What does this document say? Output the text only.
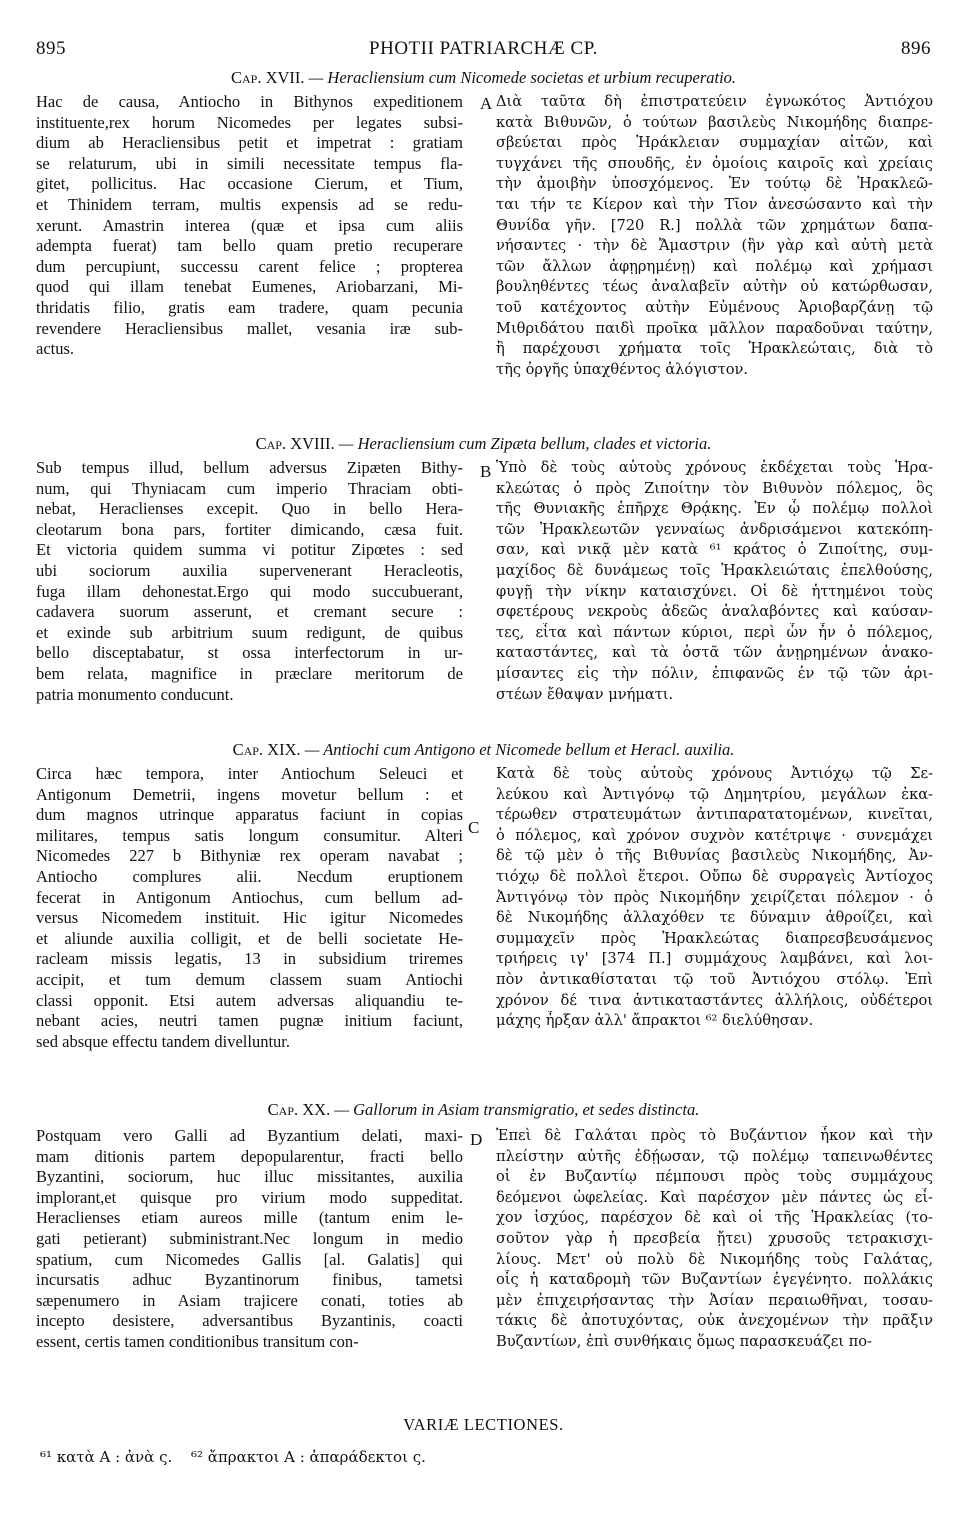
895	PHOTII PATRIARCHÆ CP.	896
Cap. XVII. — Heracliensium cum Nicomede societas et urbium recuperatio.
A
Hac de causa, Antiocho in Bithynos expeditionem
instituente,rex horum Nicomedes per legates subsi-
dium ab Heracliensibus petit et impetrat : gratiam
se relaturum, ubi in simili necessitate tempus fla-
gitet, pollicitus. Hac occasione Cierum, et Tium,
et Thinidem terram, multis expensis ad se redu-
xerunt. Amastrin interea (quæ et ipsa cum aliis
adempta fuerat) tam bello quam pretio recuperare
dum percupiunt, successu carent felice ; propterea
quod qui illam tenebat Eumenes, Ariobarzani, Mi-
thridatis filio, gratis eam tradere, quam pecunia
revendere Heracliensibus mallet, vesania iræ sub-
actus.
Διὰ ταῦτα δὴ ἐπιστρατεύειν ἐγνωκότος Ἀντιόχου
κατὰ Βιθυνῶν, ὁ τούτων βασιλεὺς Νικομήδης διαπρε-
σβεύεται πρὸς Ἡράκλειαν συμμαχίαν αἰτῶν, καὶ
τυγχάνει τῆς σπουδῆς, ἐν ὁμοίοις καιροῖς καὶ χρείαις
τὴν ἀμοιβὴν ὑποσχόμενος. Ἐν τούτῳ δὲ Ἡρακλεῶ-
ται τήν τε Κίερον καὶ τὴν Τῖον ἀνεσώσαντο καὶ τὴν
Θυνίδα γῆν. [720 R.] πολλὰ τῶν χρημάτων δαπα-
νήσαντες · τὴν δὲ Ἄμαστριν (ἣν γὰρ καὶ αὐτὴ μετὰ
τῶν ἄλλων ἀφῃρημένῃ) καὶ πολέμῳ καὶ χρήμασι
βουληθέντες τέως ἀναλαβεῖν αὐτὴν οὐ κατώρθωσαν,
τοῦ κατέχοντος αὐτὴν Εὐμένους Ἀριοβαρζάνῃ τῷ
Μιθριδάτου παιδὶ προῖκα μᾶλλον παραδοῦναι ταύτην,
ἢ παρέχουσι χρήματα τοῖς Ἡρακλεώταις, διὰ τὸ
τῆς ὀργῆς ὑπαχθέντος ἀλόγιστον.
Cap. XVIII. — Heracliensium cum Zipæta bellum, clades et victoria.
B
Sub tempus illud, bellum adversus Zipæten Bithy-
num, qui Thyniacam cum imperio Thraciam obti-
nebat, Heraclienses excepit. Quo in bello Hera-
cleotarum bona pars, fortiter dimicando, cæsa fuit.
Et victoria quidem summa vi potitur Zipœtes : sed
ubi sociorum auxilia supervenerant Heracleotis,
fuga illam dehonestat.Ergo qui modo succubuerant,
cadavera suorum asserunt, et cremant secure :
et exinde sub arbitrium suum redigunt, de quibus
bello disceptabatur, st ossa interfectorum in ur-
bem relata, magnifice in præclare meritorum de
patria monumento conducunt.
Ὑπὸ δὲ τοὺς αὐτοὺς χρόνους ἐκδέχεται τοὺς Ἡρα-
κλεώτας ὁ πρὸς Ζιποίτην τὸν Βιθυνὸν πόλεμος, ὃς
τῆς Θυνιακῆς ἐπῆρχε Θρᾴκης. Ἐν ᾧ πολέμῳ πολλοὶ
τῶν Ἡρακλεωτῶν γενναίως ἀνδρισάμενοι κατεκόπη-
σαν, καὶ νικᾷ μὲν κατὰ ⁶¹ κράτος ὁ Ζιποίτης, συμ-
μαχίδος δὲ δυνάμεως τοῖς Ἡρακλειώταις ἐπελθούσης,
φυγῇ τὴν νίκην καταισχύνει. Οἱ δὲ ἡττημένοι τοὺς
σφετέρους νεκροὺς ἀδεῶς ἀναλαβόντες καὶ καύσαν-
τες, εἶτα καὶ πάντων κύριοι, περὶ ὧν ἦν ὁ πόλεμος,
καταστάντες, καὶ τὰ ὀστᾶ τῶν ἀνῃρημένων ἀνακο-
μίσαντες εἰς τὴν πόλιν, ἐπιφανῶς ἐν τῷ τῶν ἀρι-
στέων ἔθαψαν μνήματι.
Cap. XIX. — Antiochi cum Antigono et Nicomede bellum et Heracl. auxilia.
C
Circa hæc tempora, inter Antiochum Seleuci et
Antigonum Demetrii, ingens movetur bellum : et
dum magnos utrinque apparatus faciunt in copias
militares, tempus satis longum consumitur. Alteri
Nicomedes 227 b Bithyniæ rex operam navabat ;
Antiocho complures alii. Necdum eruptionem
fecerat in Antigonum Antiochus, cum bellum ad-
versus Nicomedem instituit. Hic igitur Nicomedes
et aliunde auxilia colligit, et de belli societate He-
racleam missis legatis, 13 in subsidium triremes
accipit, et tum demum classem suam Antiochi
classi opponit. Etsi autem adversas aliquandiu te-
nebant acies, neutri tamen pugnæ initium faciunt,
sed absque effectu tandem divelluntur.
Κατὰ δὲ τοὺς αὐτοὺς χρόνους Ἀντιόχῳ τῷ Σε-
λεύκου καὶ Ἀντιγόνῳ τῷ Δημητρίου, μεγάλων ἐκα-
τέρωθεν στρατευμάτων ἀντιπαρατατομένων, κινεῖται,
ὁ πόλεμος, καὶ χρόνον συχνὸν κατέτριψε · συνεμάχει
δὲ τῷ μὲν ὁ τῆς Βιθυνίας βασιλεὺς Νικομήδης, Ἀν-
τιόχῳ δὲ πολλοὶ ἕτεροι. Οὔπω δὲ συρραγεὶς Ἀντίοχος
Ἀντιγόνῳ τὸν πρὸς Νικομήδην χειρίζεται πόλεμον · ὁ
δὲ Νικομήδης ἀλλαχόθεν τε δύναμιν ἀθροίζει, καὶ
συμμαχεῖν πρὸς Ἡρακλεώτας διαπρεσβευσάμενος
τριήρεις ιγ' [374 Π.] συμμάχους λαμβάνει, καὶ λοι-
πὸν ἀντικαθίσταται τῷ τοῦ Ἀντιόχου στόλῳ. Ἐπὶ
χρόνον δέ τινα ἀντικαταστάντες ἀλλήλοις, οὐδέτεροι
μάχης ἦρξαν ἀλλ' ἄπρακτοι ⁶² διελύθησαν.
Cap. XX. — Gallorum in Asiam transmigratio, et sedes distincta.
D
Postquam vero Galli ad Byzantium delati, maxi-
mam ditionis partem depopularentur, fracti bello
Byzantini, sociorum, huc illuc missitantes, auxilia
implorant,et quisque pro virium modo suppeditat.
Heraclienses etiam aureos mille (tantum enim le-
gati petierant) subministrant.Nec longum in medio
spatium, cum Nicomedes Gallis [al. Galatis] qui
incursatis adhuc Byzantinorum finibus, tametsi
sæpenumero in Asiam trajicere conati, toties ab
incepto desistere, adversantibus Byzantinis, coacti
essent, certis tamen conditionibus transitum con-
Ἐπεὶ δὲ Γαλάται πρὸς τὸ Βυζάντιον ἧκον καὶ τὴν
πλείστην αὐτῆς ἐδῄωσαν, τῷ πολέμῳ ταπεινωθέντες
οἱ ἐν Βυζαντίῳ πέμπουσι πρὸς τοὺς συμμάχους
δεόμενοι ὠφελείας. Καὶ παρέσχον μὲν πάντες ὡς εἶ-
χον ἰσχύος, παρέσχον δὲ καὶ οἱ τῆς Ἡρακλείας (το-
σοῦτον γὰρ ἡ πρεσβεία ᾔτει) χρυσοῦς τετρακισχι-
λίους. Μετ' οὐ πολὺ δὲ Νικομήδης τοὺς Γαλάτας,
οἷς ἡ καταδρομὴ τῶν Βυζαντίων ἐγεγένητο. πολλάκις
μὲν ἐπιχειρήσαντας τὴν Ἀσίαν περαιωθῆναι, τοσαυ-
τάκις δὲ ἀποτυχόντας, οὐκ ἀνεχομένων τὴν πρᾶξιν
Βυζαντίων, ἐπὶ συνθήκαις ὅμως παρασκευάζει πο-
VARIÆ LECTIONES.
⁶¹ κατὰ A : ἀνὰ ς. ⁶² ἄπρακτοι A : ἀπαράδεκτοι ς.
